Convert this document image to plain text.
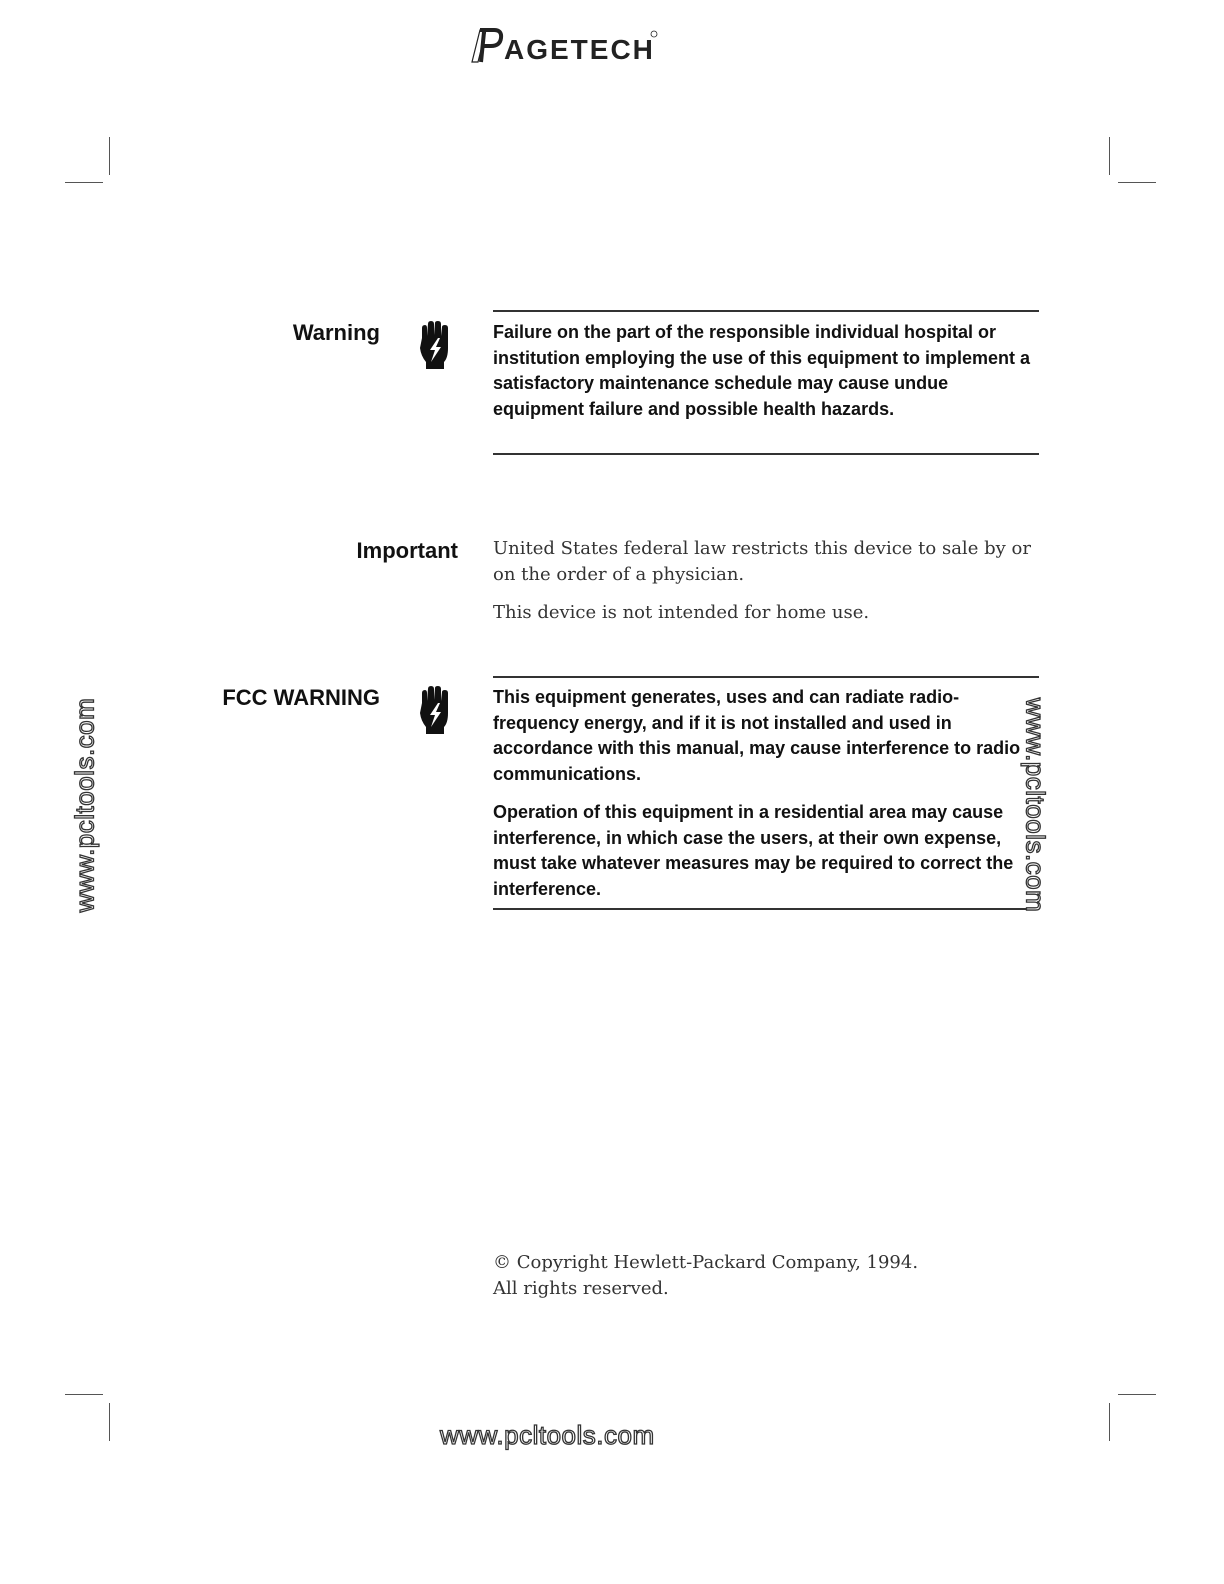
AGETECH
Warning	Failure on the part of the responsible individual hospital or institution employing the use of this equipment to implement a satisfactory maintenance schedule may cause undue equipment failure and possible health hazards.

Important United States federal law restricts this device to sale by or on the order of a physician.

This device is not intended for home use.

FCC WARNING	This equipment generates, uses and can radiate radio-frequency energy, and if it is not installed and used in accordance with this manual, may cause interference to radio communications.

Operation of this equipment in a residential area may cause interference, in which case the users, at their own expense, must take whatever measures may be required to correct the interference.

© Copyright Hewlett-Packard Company, 1994.

All rights reserved.

www.pcltools.com	www.pcltools.com
www.pcltools.com
